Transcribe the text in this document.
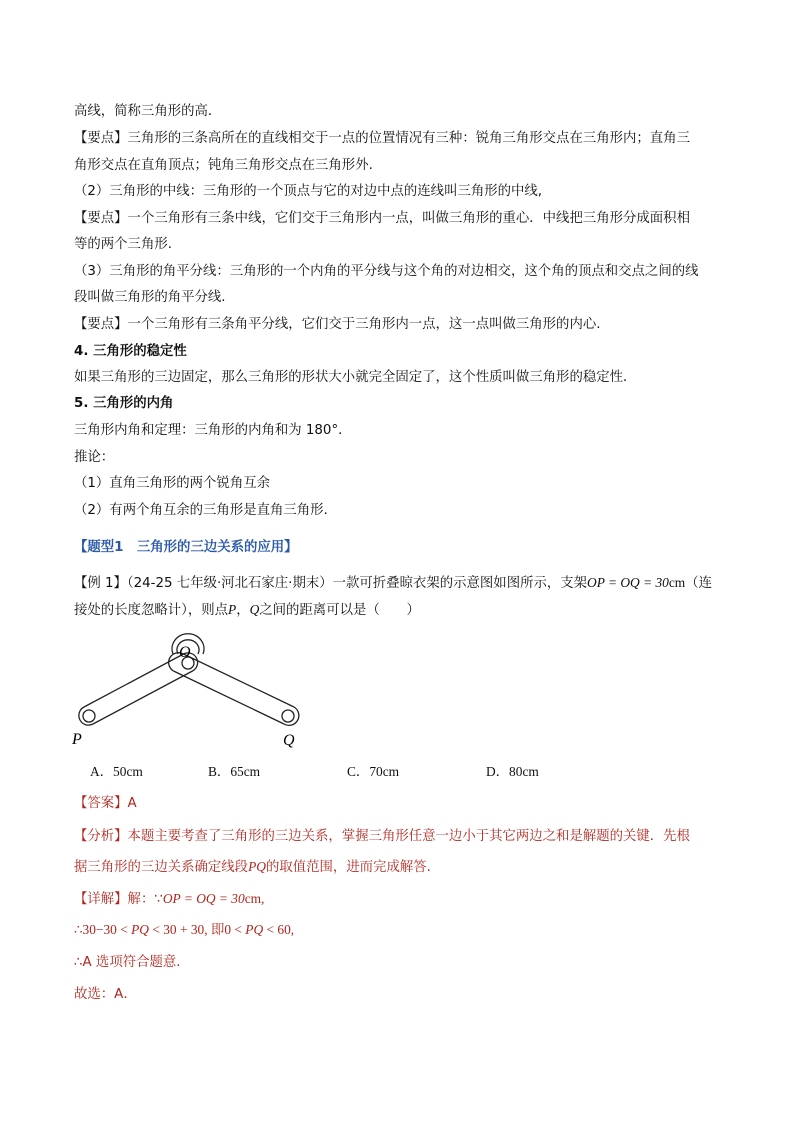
高线，简称三角形的高．
【要点】三角形的三条高所在的直线相交于一点的位置情况有三种：锐角三角形交点在三角形内；直角三
角形交点在直角顶点；钝角三角形交点在三角形外.
（2）三角形的中线：三角形的一个顶点与它的对边中点的连线叫三角形的中线,
【要点】一个三角形有三条中线，它们交于三角形内一点，叫做三角形的重心．中线把三角形分成面积相
等的两个三角形.
（3）三角形的角平分线：三角形的一个内角的平分线与这个角的对边相交，这个角的顶点和交点之间的线
段叫做三角形的角平分线.
【要点】一个三角形有三条角平分线，它们交于三角形内一点，这一点叫做三角形的内心.
4. 三角形的稳定性
如果三角形的三边固定，那么三角形的形状大小就完全固定了，这个性质叫做三角形的稳定性．
5. 三角形的内角
三角形内角和定理：三角形的内角和为 180°．
推论：
（1）直角三角形的两个锐角互余
（2）有两个角互余的三角形是直角三角形.
【题型1　三角形的三边关系的应用】
【例 1】（24-25 七年级·河北石家庄·期末）一款可折叠晾衣架的示意图如图所示，支架OP = OQ = 30cm（连
接处的长度忽略计），则点P，Q之间的距离可以是（　　）
O
P	Q
A．50cm	B．65cm	C．70cm	D．80cm
【答案】A
【分析】本题主要考查了三角形的三边关系，掌握三角形任意一边小于其它两边之和是解题的关键．先根
据三角形的三边关系确定线段PQ的取值范围，进而完成解答．
【详解】解：∵OP = OQ = 30cm,
∴30−30 < PQ < 30 + 30, 即0 < PQ < 60,
∴A 选项符合题意．
故选：A．
